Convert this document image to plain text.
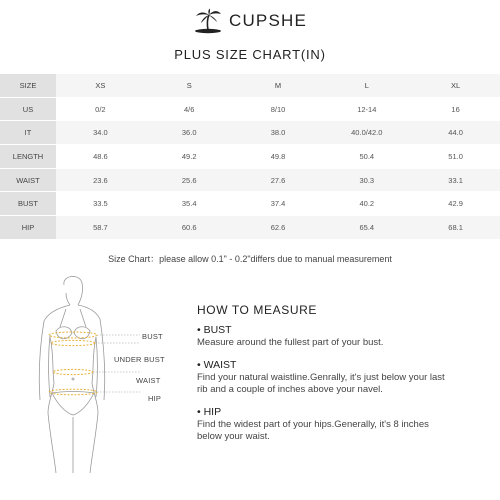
CUPSHE
PLUS SIZE CHART(IN)
SIZE	XS	S	M	L	XL
US	0/2	4/6	8/10	12-14	16
IT	34.0	36.0	38.0	40.0/42.0	44.0
LENGTH	48.6	49.2	49.8	50.4	51.0
WAIST	23.6	25.6	27.6	30.3	33.1
BUST	33.5	35.4	37.4	40.2	42.9
HIP	58.7	60.6	62.6	65.4	68.1
Size Chart：please allow 0.1" - 0.2"differs due to manual measurement
BUST
UNDER BUST
WAIST
HIP
HOW TO MEASURE
• BUST
Measure around the fullest part of your bust.
• WAIST
Find your natural waistline.Genrally, it's just below your last
rib and a couple of inches above your navel.
• HIP
Find the widest part of your hips.Generally, it's 8 inches
below your waist.
